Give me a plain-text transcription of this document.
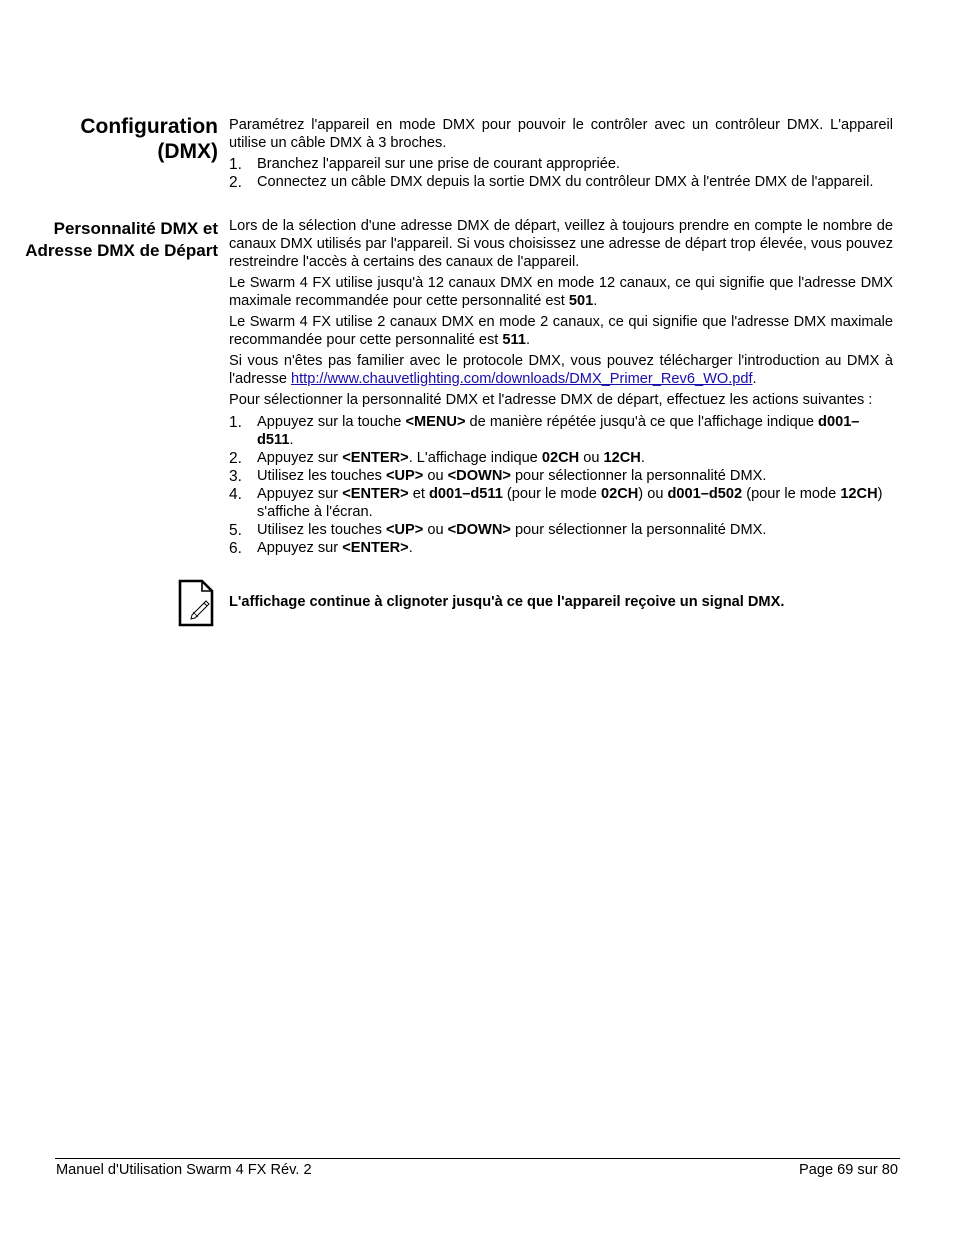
Configuration (DMX)

Paramétrez l'appareil en mode DMX pour pouvoir le contrôler avec un contrôleur DMX. L'appareil utilise un câble DMX à 3 broches.

1. Branchez l'appareil sur une prise de courant appropriée.
2. Connectez un câble DMX depuis la sortie DMX du contrôleur DMX à l'entrée DMX de l'appareil.
Personnalité DMX et Adresse DMX de Départ

Lors de la sélection d'une adresse DMX de départ, veillez à toujours prendre en compte le nombre de canaux DMX utilisés par l'appareil. Si vous choisissez une adresse de départ trop élevée, vous pouvez restreindre l'accès à certains des canaux de l'appareil.

Le Swarm 4 FX utilise jusqu'à 12 canaux DMX en mode 12 canaux, ce qui signifie que l'adresse DMX maximale recommandée pour cette personnalité est 501.

Le Swarm 4 FX utilise 2 canaux DMX en mode 2 canaux, ce qui signifie que l'adresse DMX maximale recommandée pour cette personnalité est 511.

Si vous n'êtes pas familier avec le protocole DMX, vous pouvez télécharger l'introduction au DMX à l'adresse http://www.chauvetlighting.com/downloads/DMX_Primer_Rev6_WO.pdf.

Pour sélectionner la personnalité DMX et l'adresse DMX de départ, effectuez les actions suivantes :

1. Appuyez sur la touche <MENU> de manière répétée jusqu'à ce que l'affichage indique d001–d511.
2. Appuyez sur <ENTER>. L'affichage indique 02CH ou 12CH.
3. Utilisez les touches <UP> ou <DOWN> pour sélectionner la personnalité DMX.
4. Appuyez sur <ENTER> et d001–d511 (pour le mode 02CH) ou d001–d502 (pour le mode 12CH) s'affiche à l'écran.
5. Utilisez les touches <UP> ou <DOWN> pour sélectionner la personnalité DMX.
6. Appuyez sur <ENTER>.
L'affichage continue à clignoter jusqu'à ce que l'appareil reçoive un signal DMX.
Manuel d'Utilisation Swarm 4 FX Rév. 2	Page 69 sur 80
